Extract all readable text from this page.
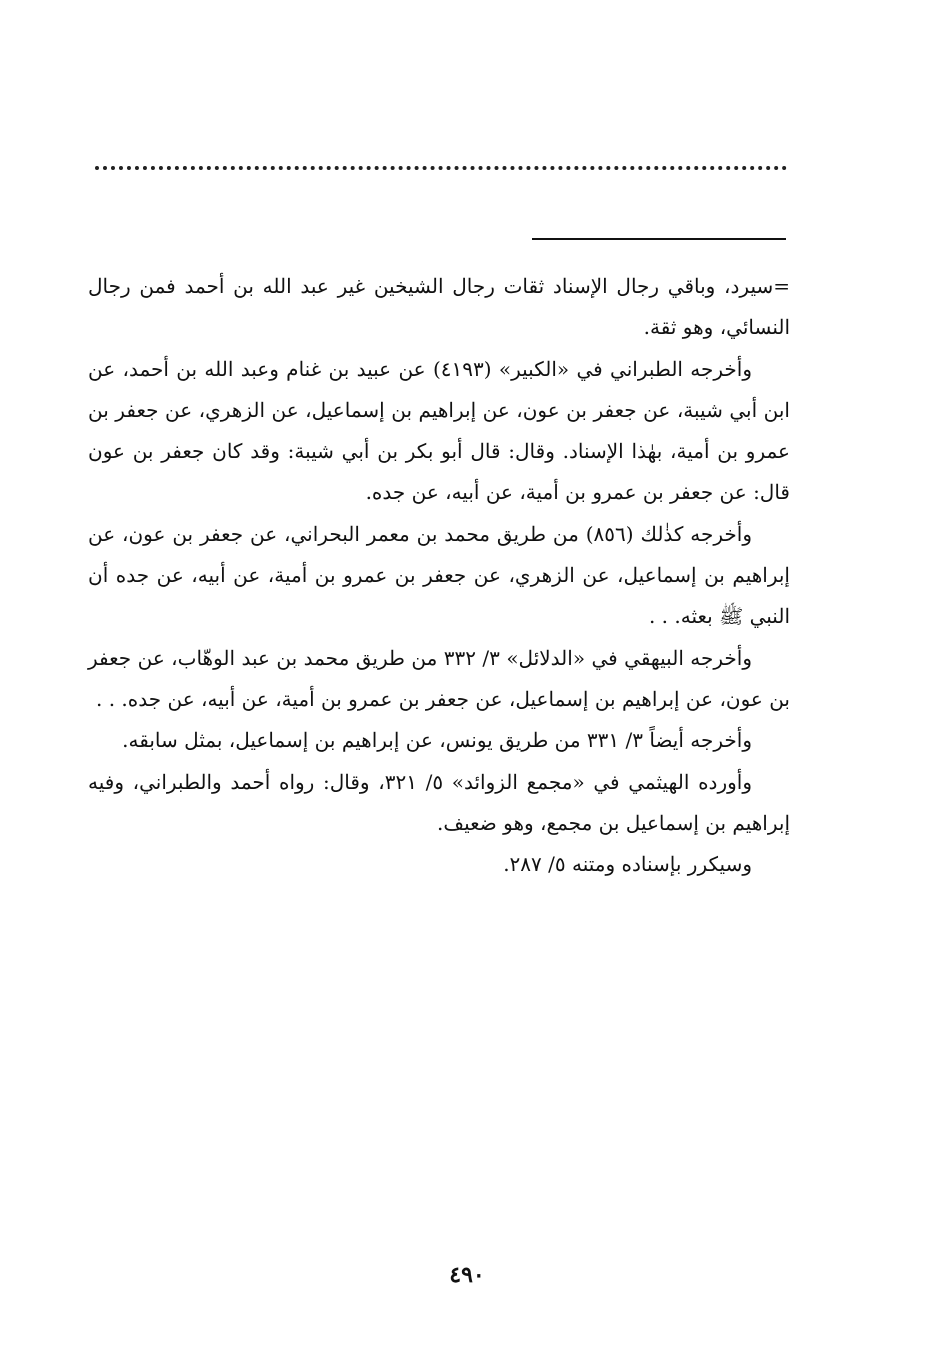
=سيرد، وباقي رجال الإسناد ثقات رجال الشيخين غير عبد الله بن أحمد فمن رجال النسائي، وهو ثقة.

وأخرجه الطبراني في «الكبير» (٤١٩٣) عن عبيد بن غنام وعبد الله بن أحمد، عن ابن أبي شيبة، عن جعفر بن عون، عن إبراهيم بن إسماعيل، عن الزهري، عن جعفر بن عمرو بن أمية، بهٰذا الإسناد. وقال: قال أبو بكر بن أبي شيبة: وقد كان جعفر بن عون قال: عن جعفر بن عمرو بن أمية، عن أبيه، عن جده.

وأخرجه كذٰلك (٨٥٦) من طريق محمد بن معمر البحراني، عن جعفر بن عون، عن إبراهيم بن إسماعيل، عن الزهري، عن جعفر بن عمرو بن أمية، عن أبيه، عن جده أن النبي ﷺ بعثه. . .

وأخرجه البيهقي في «الدلائل» ٣/ ٣٣٢ من طريق محمد بن عبد الوهّاب، عن جعفر بن عون، عن إبراهيم بن إسماعيل، عن جعفر بن عمرو بن أمية، عن أبيه، عن جده. . .

وأخرجه أيضاً ٣/ ٣٣١ من طريق يونس، عن إبراهيم بن إسماعيل، بمثل سابقه.

وأورده الهيثمي في «مجمع الزوائد» ٥/ ٣٢١، وقال: رواه أحمد والطبراني، وفيه إبراهيم بن إسماعيل بن مجمع، وهو ضعيف.

وسيكرر بإسناده ومتنه ٥/ ٢٨٧.

٤٩٠
